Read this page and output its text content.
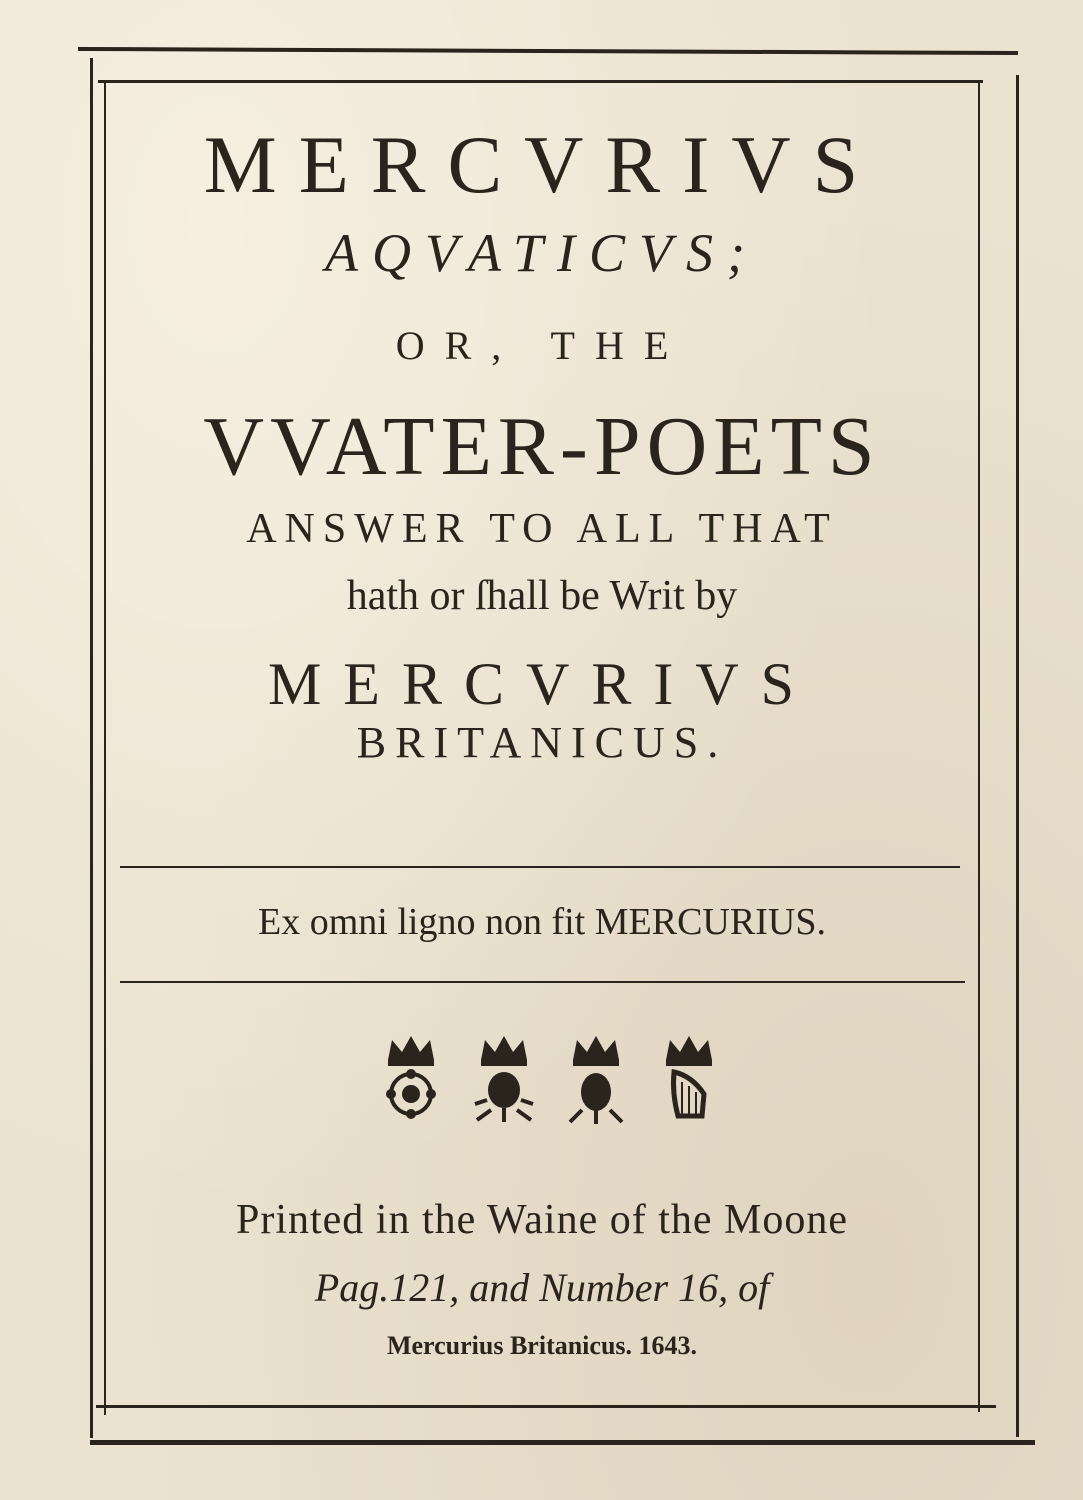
MERCVRIVS
AQVATICVS;
OR, THE
VVATER-POETS
ANSWER TO ALL THAT
hath or ſhall be Writ by
MERCVRIVS
BRITANICUS.
Ex omni ligno non fit MERCURIUS.
Printed in the Waine of the Moone
Pag.121, and Number 16, of
Mercurius Britanicus. 1643.
